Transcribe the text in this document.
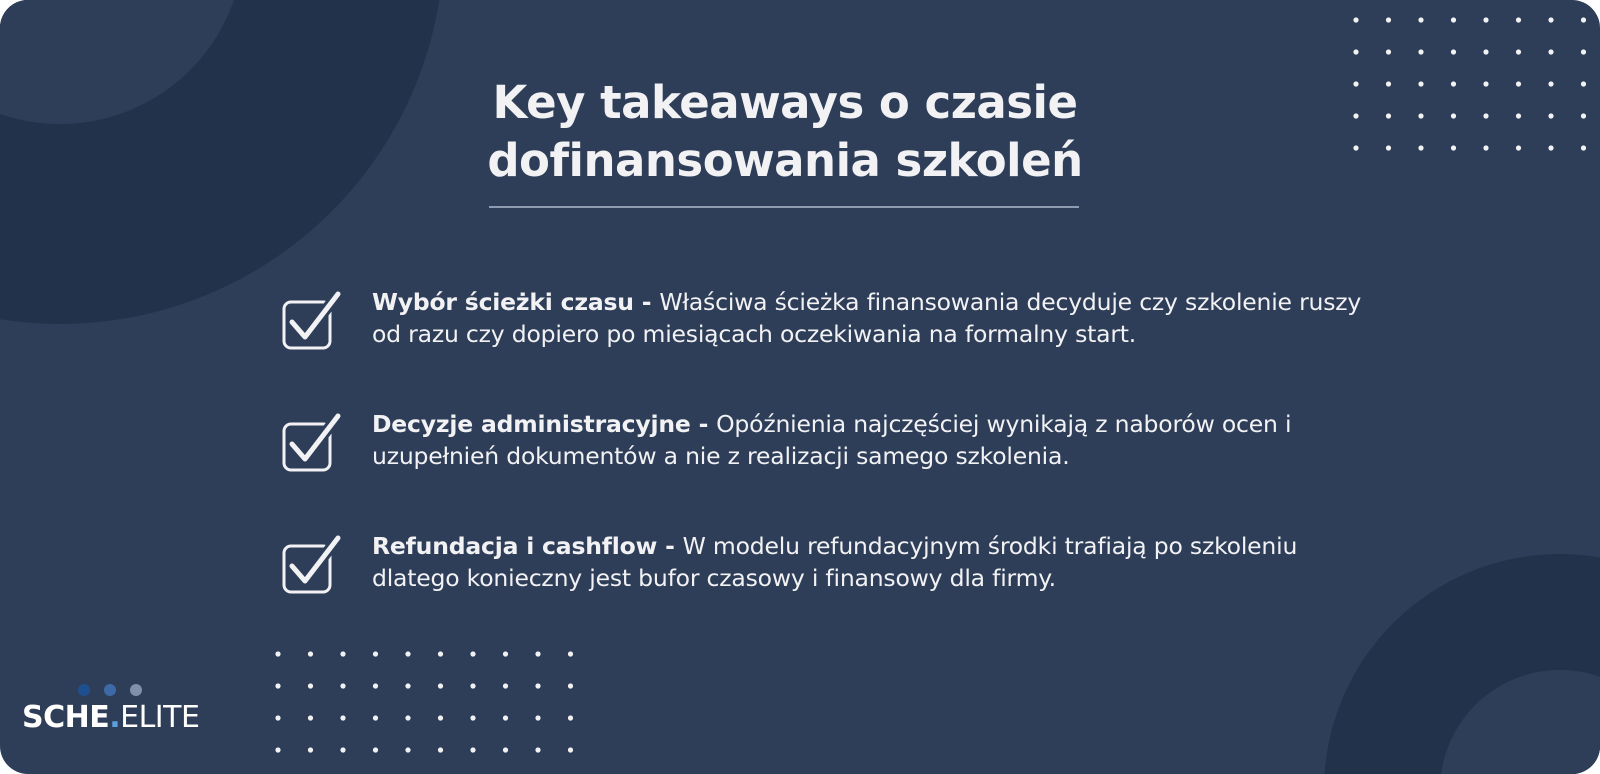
Key takeaways o czasie
dofinansowania szkoleń
Wybór ścieżki czasu - Właściwa ścieżka finansowania decyduje czy szkolenie ruszy od razu czy dopiero po miesiącach oczekiwania na formalny start.
Decyzje administracyjne - Opóźnienia najczęściej wynikają z naborów ocen i uzupełnień dokumentów a nie z realizacji samego szkolenia.
Refundacja i cashflow - W modelu refundacyjnym środki trafiają po szkoleniu dlatego konieczny jest bufor czasowy i finansowy dla firmy.
SCHE.ELITE
